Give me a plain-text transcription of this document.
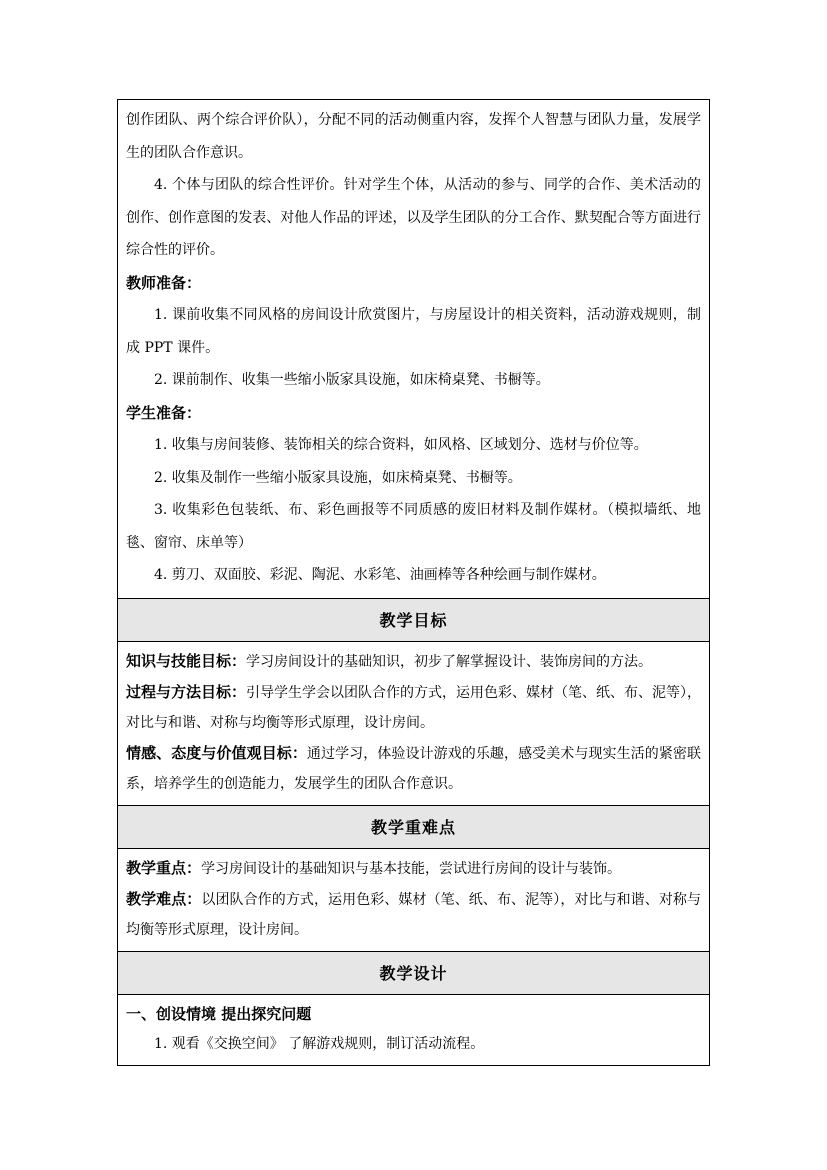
创作团队、两个综合评价队），分配不同的活动侧重内容，发挥个人智慧与团队力量，发展学生的团队合作意识。
4. 个体与团队的综合性评价。针对学生个体，从活动的参与、同学的合作、美术活动的创作、创作意图的发表、对他人作品的评述，以及学生团队的分工合作、默契配合等方面进行综合性的评价。
教师准备：
1. 课前收集不同风格的房间设计欣赏图片，与房屋设计的相关资料，活动游戏规则，制成 PPT 课件。
2. 课前制作、收集一些缩小版家具设施，如床椅桌凳、书橱等。
学生准备：
1. 收集与房间装修、装饰相关的综合资料，如风格、区域划分、选材与价位等。
2. 收集及制作一些缩小版家具设施，如床椅桌凳、书橱等。
3. 收集彩色包装纸、布、彩色画报等不同质感的废旧材料及制作媒材。（模拟墙纸、地毯、窗帘、床单等）
4. 剪刀、双面胶、彩泥、陶泥、水彩笔、油画棒等各种绘画与制作媒材。

教学目标

知识与技能目标：学习房间设计的基础知识，初步了解掌握设计、装饰房间的方法。
过程与方法目标：引导学生学会以团队合作的方式，运用色彩、媒材（笔、纸、布、泥等），对比与和谐、对称与均衡等形式原理，设计房间。
情感、态度与价值观目标：通过学习，体验设计游戏的乐趣，感受美术与现实生活的紧密联系，培养学生的创造能力，发展学生的团队合作意识。

教学重难点

教学重点：学习房间设计的基础知识与基本技能，尝试进行房间的设计与装饰。
教学难点：以团队合作的方式，运用色彩、媒材（笔、纸、布、泥等），对比与和谐、对称与均衡等形式原理，设计房间。

教学设计

一、创设情境 提出探究问题
1. 观看《交换空间》 了解游戏规则，制订活动流程。
